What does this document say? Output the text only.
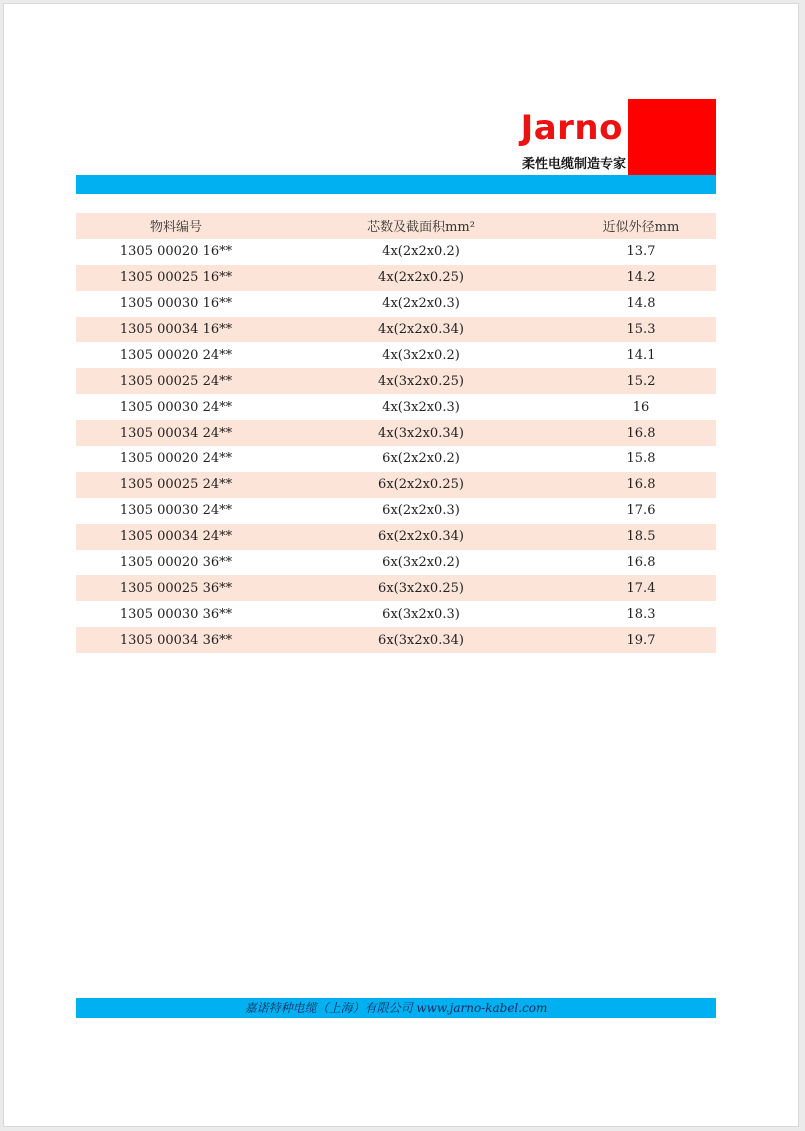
Jarno
柔性电缆制造专家
物料编号	芯数及截面积mm²	近似外径mm
1305 00020 16**	4x(2x2x0.2)	13.7
1305 00025 16**	4x(2x2x0.25)	14.2
1305 00030 16**	4x(2x2x0.3)	14.8
1305 00034 16**	4x(2x2x0.34)	15.3
1305 00020 24**	4x(3x2x0.2)	14.1
1305 00025 24**	4x(3x2x0.25)	15.2
1305 00030 24**	4x(3x2x0.3)	16
1305 00034 24**	4x(3x2x0.34)	16.8
1305 00020 24**	6x(2x2x0.2)	15.8
1305 00025 24**	6x(2x2x0.25)	16.8
1305 00030 24**	6x(2x2x0.3)	17.6
1305 00034 24**	6x(2x2x0.34)	18.5
1305 00020 36**	6x(3x2x0.2)	16.8
1305 00025 36**	6x(3x2x0.25)	17.4
1305 00030 36**	6x(3x2x0.3)	18.3
1305 00034 36**	6x(3x2x0.34)	19.7
嘉诺特种电缆（上海）有限公司 www.jarno-kabel.com
